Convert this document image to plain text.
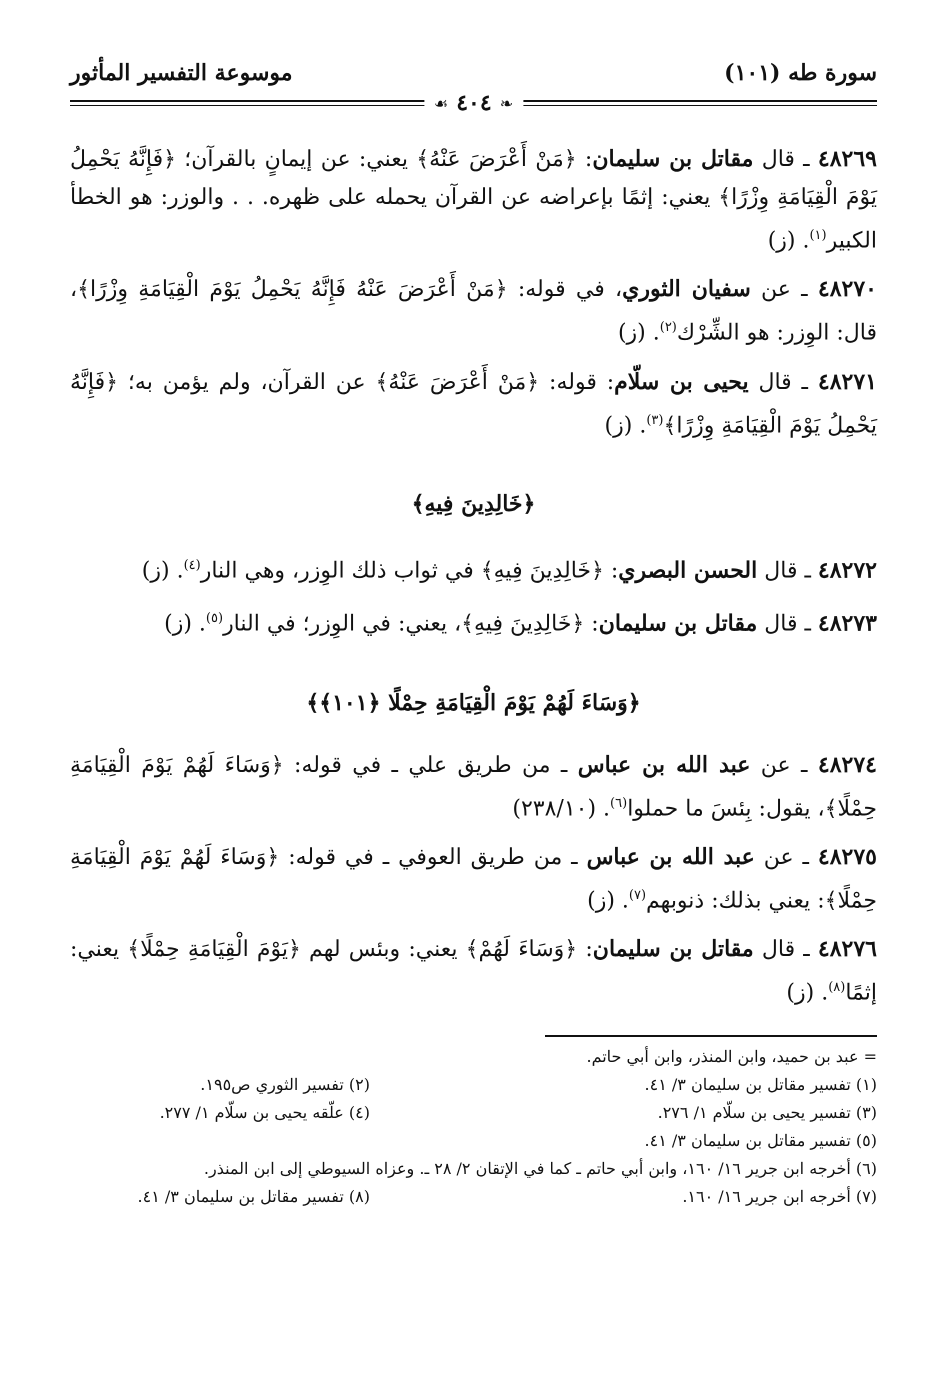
سورة طه (١٠١)
موسوعة التفسير المأثور
❧
٤٠٤
☙

٤٨٢٦٩ ـ قال مقاتل بن سليمان: ﴿مَنْ أَعْرَضَ عَنْهُ﴾ يعني: عن إيمانٍ بالقرآن؛ ﴿فَإِنَّهُ يَحْمِلُ يَوْمَ الْقِيَامَةِ وِزْرًا﴾ يعني: إثمًا بإعراضه عن القرآن يحمله على ظهره. . . والوزر: هو الخطأ الكبير$^{(١)}$. (ز)

٤٨٢٧٠ ـ عن سفيان الثوري، في قوله: ﴿مَنْ أَعْرَضَ عَنْهُ فَإِنَّهُ يَحْمِلُ يَوْمَ الْقِيَامَةِ وِزْرًا﴾، قال: الوِزر: هو الشِّرْك$^{(٢)}$. (ز)

٤٨٢٧١ ـ قال يحيى بن سلّام: قوله: ﴿مَنْ أَعْرَضَ عَنْهُ﴾ عن القرآن، ولم يؤمن به؛ ﴿فَإِنَّهُ يَحْمِلُ يَوْمَ الْقِيَامَةِ وِزْرًا﴾$^{(٣)}$. (ز)

﴿خَالِدِينَ فِيهِ﴾

٤٨٢٧٢ ـ قال الحسن البصري: ﴿خَالِدِينَ فِيهِ﴾ في ثواب ذلك الوِزر، وهي النار$^{(٤)}$. (ز)

٤٨٢٧٣ ـ قال مقاتل بن سليمان: ﴿خَالِدِينَ فِيهِ﴾، يعني: في الوِزر؛ في النار$^{(٥)}$. (ز)

﴿وَسَاءَ لَهُمْ يَوْمَ الْقِيَامَةِ حِمْلًا ﴿١٠١﴾﴾

٤٨٢٧٤ ـ عن عبد الله بن عباس ـ من طريق علي ـ في قوله: ﴿وَسَاءَ لَهُمْ يَوْمَ الْقِيَامَةِ حِمْلًا﴾، يقول: بِئسَ ما حملوا$^{(٦)}$. (٢٣٨/١٠)

٤٨٢٧٥ ـ عن عبد الله بن عباس ـ من طريق العوفي ـ في قوله: ﴿وَسَاءَ لَهُمْ يَوْمَ الْقِيَامَةِ حِمْلًا﴾: يعني بذلك: ذنوبهم$^{(٧)}$. (ز)

٤٨٢٧٦ ـ قال مقاتل بن سليمان: ﴿وَسَاءَ لَهُمْ﴾ يعني: وبئس لهم ﴿يَوْمَ الْقِيَامَةِ حِمْلًا﴾ يعني: إثمًا$^{(٨)}$. (ز)

= عبد بن حميد، وابن المنذر، وابن أبي حاتم.
(١) تفسير مقاتل بن سليمان ٣/ ٤١.
(٢) تفسير الثوري ص١٩٥.
(٣) تفسير يحيى بن سلّام ١/ ٢٧٦.
(٤) علّقه يحيى بن سلّام ١/ ٢٧٧.
(٥) تفسير مقاتل بن سليمان ٣/ ٤١.
(٦) أخرجه ابن جرير ١٦/ ١٦٠، وابن أبي حاتم ـ كما في الإتقان ٢/ ٢٨ ـ. وعزاه السيوطي إلى ابن المنذر.
(٧) أخرجه ابن جرير ١٦/ ١٦٠.
(٨) تفسير مقاتل بن سليمان ٣/ ٤١.
